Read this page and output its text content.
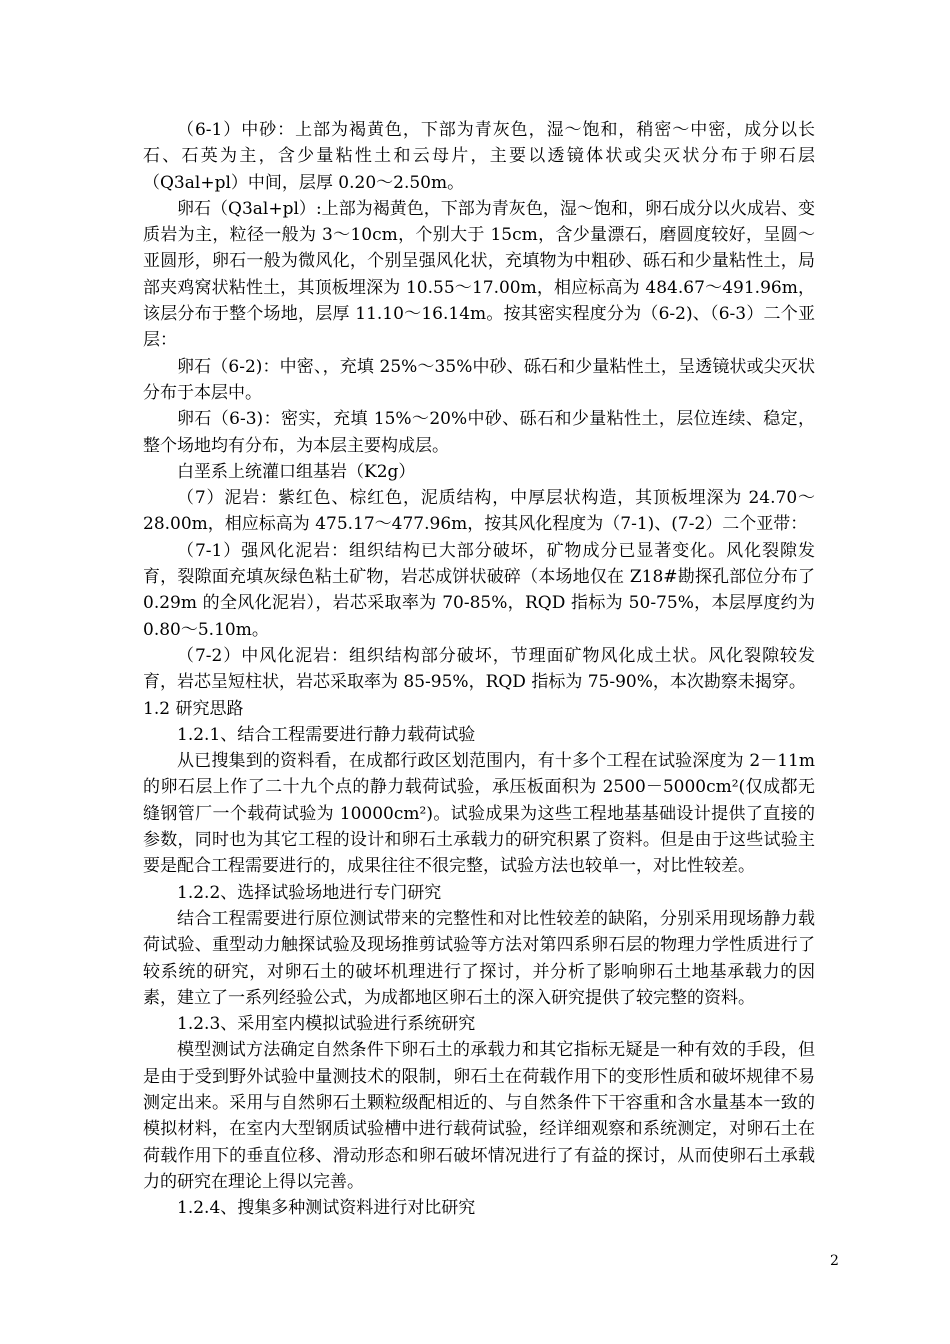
（6-1）中砂：上部为褐黄色，下部为青灰色，湿～饱和，稍密～中密，成分以长石、石英为主，含少量粘性土和云母片，主要以透镜体状或尖灭状分布于卵石层（Q3al+pl）中间，层厚 0.20～2.50m。

卵石（Q3al+pl）:上部为褐黄色，下部为青灰色，湿～饱和，卵石成分以火成岩、变质岩为主，粒径一般为 3～10cm，个别大于 15cm，含少量漂石，磨圆度较好，呈圆～亚圆形，卵石一般为微风化，个别呈强风化状，充填物为中粗砂、砾石和少量粘性土，局部夹鸡窝状粘性土，其顶板埋深为 10.55～17.00m，相应标高为 484.67～491.96m，该层分布于整个场地，层厚 11.10～16.14m。按其密实程度分为（6-2)、（6-3）二个亚层：

卵石（6-2)：中密、，充填 25%～35%中砂、砾石和少量粘性土，呈透镜状或尖灭状分布于本层中。

卵石（6-3)：密实，充填 15%～20%中砂、砾石和少量粘性土，层位连续、稳定，整个场地均有分布，为本层主要构成层。

白垩系上统灌口组基岩（K2g）

（7）泥岩：紫红色、棕红色，泥质结构，中厚层状构造，其顶板埋深为 24.70～28.00m，相应标高为 475.17～477.96m，按其风化程度为（7-1)、(7-2）二个亚带：

（7-1）强风化泥岩：组织结构已大部分破坏，矿物成分已显著变化。风化裂隙发育，裂隙面充填灰绿色粘土矿物，岩芯成饼状破碎（本场地仅在 Z18#勘探孔部位分布了 0.29m 的全风化泥岩），岩芯采取率为 70-85%，RQD 指标为 50-75%，本层厚度约为 0.80～5.10m。

（7-2）中风化泥岩：组织结构部分破坏，节理面矿物风化成土状。风化裂隙较发育，岩芯呈短柱状，岩芯采取率为 85-95%，RQD 指标为 75-90%，本次勘察未揭穿。

1.2 研究思路

1.2.1、结合工程需要进行静力载荷试验

从已搜集到的资料看，在成都行政区划范围内，有十多个工程在试验深度为 2－11m 的卵石层上作了二十九个点的静力载荷试验，承压板面积为 2500－5000cm²(仅成都无缝钢管厂一个载荷试验为 10000cm²)。试验成果为这些工程地基基础设计提供了直接的参数，同时也为其它工程的设计和卵石土承载力的研究积累了资料。但是由于这些试验主要是配合工程需要进行的，成果往往不很完整，试验方法也较单一，对比性较差。

1.2.2、选择试验场地进行专门研究

结合工程需要进行原位测试带来的完整性和对比性较差的缺陷，分别采用现场静力载荷试验、重型动力触探试验及现场推剪试验等方法对第四系卵石层的物理力学性质进行了较系统的研究，对卵石土的破坏机理进行了探讨，并分析了影响卵石土地基承载力的因素，建立了一系列经验公式，为成都地区卵石土的深入研究提供了较完整的资料。

1.2.3、采用室内模拟试验进行系统研究

模型测试方法确定自然条件下卵石土的承载力和其它指标无疑是一种有效的手段，但是由于受到野外试验中量测技术的限制，卵石土在荷载作用下的变形性质和破坏规律不易测定出来。采用与自然卵石土颗粒级配相近的、与自然条件下干容重和含水量基本一致的模拟材料，在室内大型钢质试验槽中进行载荷试验，经详细观察和系统测定，对卵石土在荷载作用下的垂直位移、滑动形态和卵石破坏情况进行了有益的探讨，从而使卵石土承载力的研究在理论上得以完善。

1.2.4、搜集多种测试资料进行对比研究

2
